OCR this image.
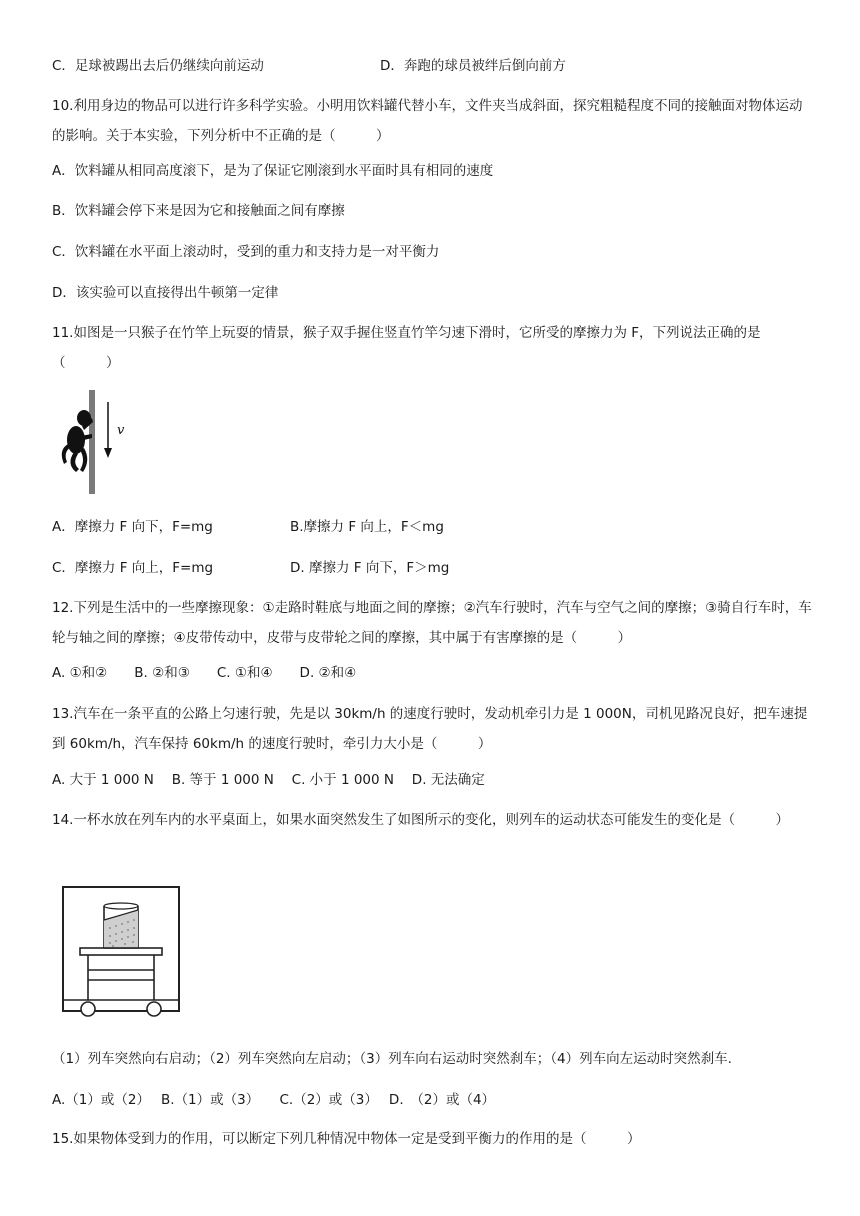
C．足球被踢出去后仍继续向前运动	D．奔跑的球员被绊后倒向前方
10.利用身边的物品可以进行许多科学实验。小明用饮料罐代替小车，文件夹当成斜面，探究粗糙程度不同的接触面对物体运动的影响。关于本实验，下列分析中不正确的是（　　　）
A．饮料罐从相同高度滚下，是为了保证它刚滚到水平面时具有相同的速度
B．饮料罐会停下来是因为它和接触面之间有摩擦
C．饮料罐在水平面上滚动时，受到的重力和支持力是一对平衡力
D．该实验可以直接得出牛顿第一定律
11.如图是一只猴子在竹竿上玩耍的情景，猴子双手握住竖直竹竿匀速下滑时，它所受的摩擦力为 F，下列说法正确的是（　　　）
v
A．摩擦力 F 向下，F=mg	B.摩擦力 F 向上，F＜mg
C．摩擦力 F 向上，F=mg	D. 摩擦力 F 向下，F＞mg
12.下列是生活中的一些摩擦现象：①走路时鞋底与地面之间的摩擦；②汽车行驶时，汽车与空气之间的摩擦；③骑自行车时，车轮与轴之间的摩擦；④皮带传动中，皮带与皮带轮之间的摩擦，其中属于有害摩擦的是（　　　）
A. ①和②　　B. ②和③　　C. ①和④　　D. ②和④
13.汽车在一条平直的公路上匀速行驶，先是以 30km/h 的速度行驶时，发动机牵引力是 1 000N，司机见路况良好，把车速提到 60km/h，汽车保持 60km/h 的速度行驶时，牵引力大小是（　　　）
A. 大于 1 000 N　 B. 等于 1 000 N　 C. 小于 1 000 N　 D. 无法确定
14.一杯水放在列车内的水平桌面上，如果水面突然发生了如图所示的变化，则列车的运动状态可能发生的变化是（　　　）
（1）列车突然向右启动；（2）列车突然向左启动；（3）列车向右运动时突然刹车；（4）列车向左运动时突然刹车.
A.（1）或（2）　 B.（1）或（3）　　C.（2）或（3）　 D.　（2）或（4）
15.如果物体受到力的作用，可以断定下列几种情况中物体一定是受到平衡力的作用的是（　　　）
